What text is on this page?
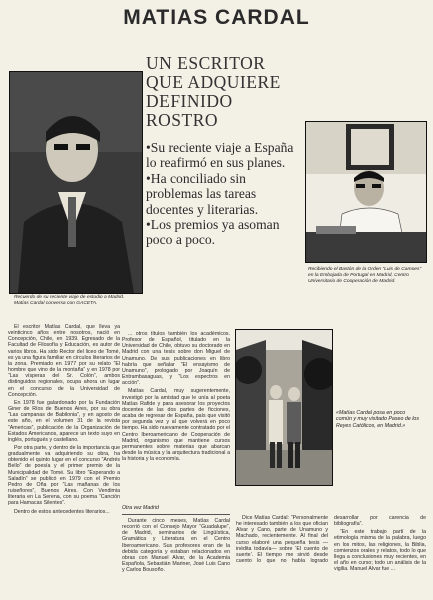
MATIAS CARDAL
UN ESCRITOR QUE ADQUIERE DEFINIDO ROSTRO
•Su reciente viaje a España lo reafirmó en sus planes.
•Ha conciliado sin problemas las tareas docentes y literarias.
•Los premios ya asoman poco a poco.
Recuerdo de su reciente viaje de estudio a Madrid. Matías Cardal conversa con GACETA.
Recibiendo el Bastón de la Orden “Luis de Camoes” en la Embajada de Portugal en Madrid, Centro Universitario de Cooperación de Madrid.
«Matías Cardal posa en poco común y muy visitado Paseo de los Reyes Católicos, en Madrid.»

El escritor Matías Cardal, que lleva ya veinticinco años entre nosotros, nació en Concepción, Chile, en 1939. Egresado de la Facultad de Filosofía y Educación, es autor de varios libros. Ha sido Rector del liceo de Tomé, es ya una figura familiar en círculos literarios de la zona. Premiado en 1977 por su relato “El hombre que vino de la montaña” y en 1978 por “Las vísperas del Sr. Colón”, ambos distinguidos regionales, ocupa ahora un lugar en el concurso de la Universidad de Concepción.

En 1978 fue galardonado por la Fundación Giner de Ríos de Buenos Aires, por su obra “Las campanas de Babilonia”, y en agosto de este año, en el volumen 31 de la revista “Americas”, publicación de la Organización de Estados Americanos, aparece un texto suyo en inglés, portugués y castellano.

Por otra parte, y dentro de la importancia que gradualmente va adquiriendo su obra, ha obtenido el quinto lugar en el concurso “Andrés Bello” de poesía y el primer premio de la Municipalidad de Tomé. Su libro “Esperando a Saladín” se publicó en 1979 con el Premio Pedro de Oña por “Las mañanas de los ruiseñores”, Buenos Aires. Con Vendimia literaria en La Serena, con su poema “Canción para Hamacas Silentes”.

Dentro de estos antecedentes literarios...

... otros títulos también los académicos. Profesor de Español, titulado en la Universidad de Chile, obtuvo su doctorado en Madrid con una tesis sobre don Miguel de Unamuno. De sus publicaciones en libro habría que señalar “El ensayismo de Unamuno”, prologado por Joaquín de Entrambasaguas, y “Los espectros en acción”.

Matías Cardal, muy sugerentemente, investigó por la amistad que le unía al poeta Matías Rafide y para asesorar los proyectos docentes de las dos partes de ficciones, acaba de regresar de España, país que visitó por segunda vez y al que volverá en poco tiempo. Ha sido nuevamente contratado por el Centro Iberoamericano de Cooperación de Madrid, organismo que mantiene cursos permanentes sobre materias que abarcan desde la música y la arquitectura tradicional a la historia y la economía.

Otra vez Madrid

Durante cinco meses, Matías Cardal recorrió con el Consejo Mayor “Guadalupe”, de Madrid, seminarios de Lingüística, Gramática y Literatura en el Centro Iberoamericano. Sus profesores eran de la debida categoría y estaban relacionados en obras con Manuel Alvar, de la Academia Española, Sebastián Mariner, José Luis Cano y Carlos Bousoño.

Dice Matías Cardal: “Personalmente he interesado también a los que ofician Alvar y Cano, parte de Unamuno y Machado, recientemente. Al final del curso elaboré una pequeña tesis —inédita todavía— sobre ‘El cuento de suerte’. El tiempo me sirvió desde cuento lo que no había logrado desarrollar por carencia de bibliografía”.

“En este trabajo partí de la etimología misma de la palabra, luego en los mitos, las religiones, la Biblia, comienzos orales y relatos, todo lo que llega a conclusiones muy recientes, en el año en curso; todo un análisis de la vigilia. Manuel Alvar fue ...
